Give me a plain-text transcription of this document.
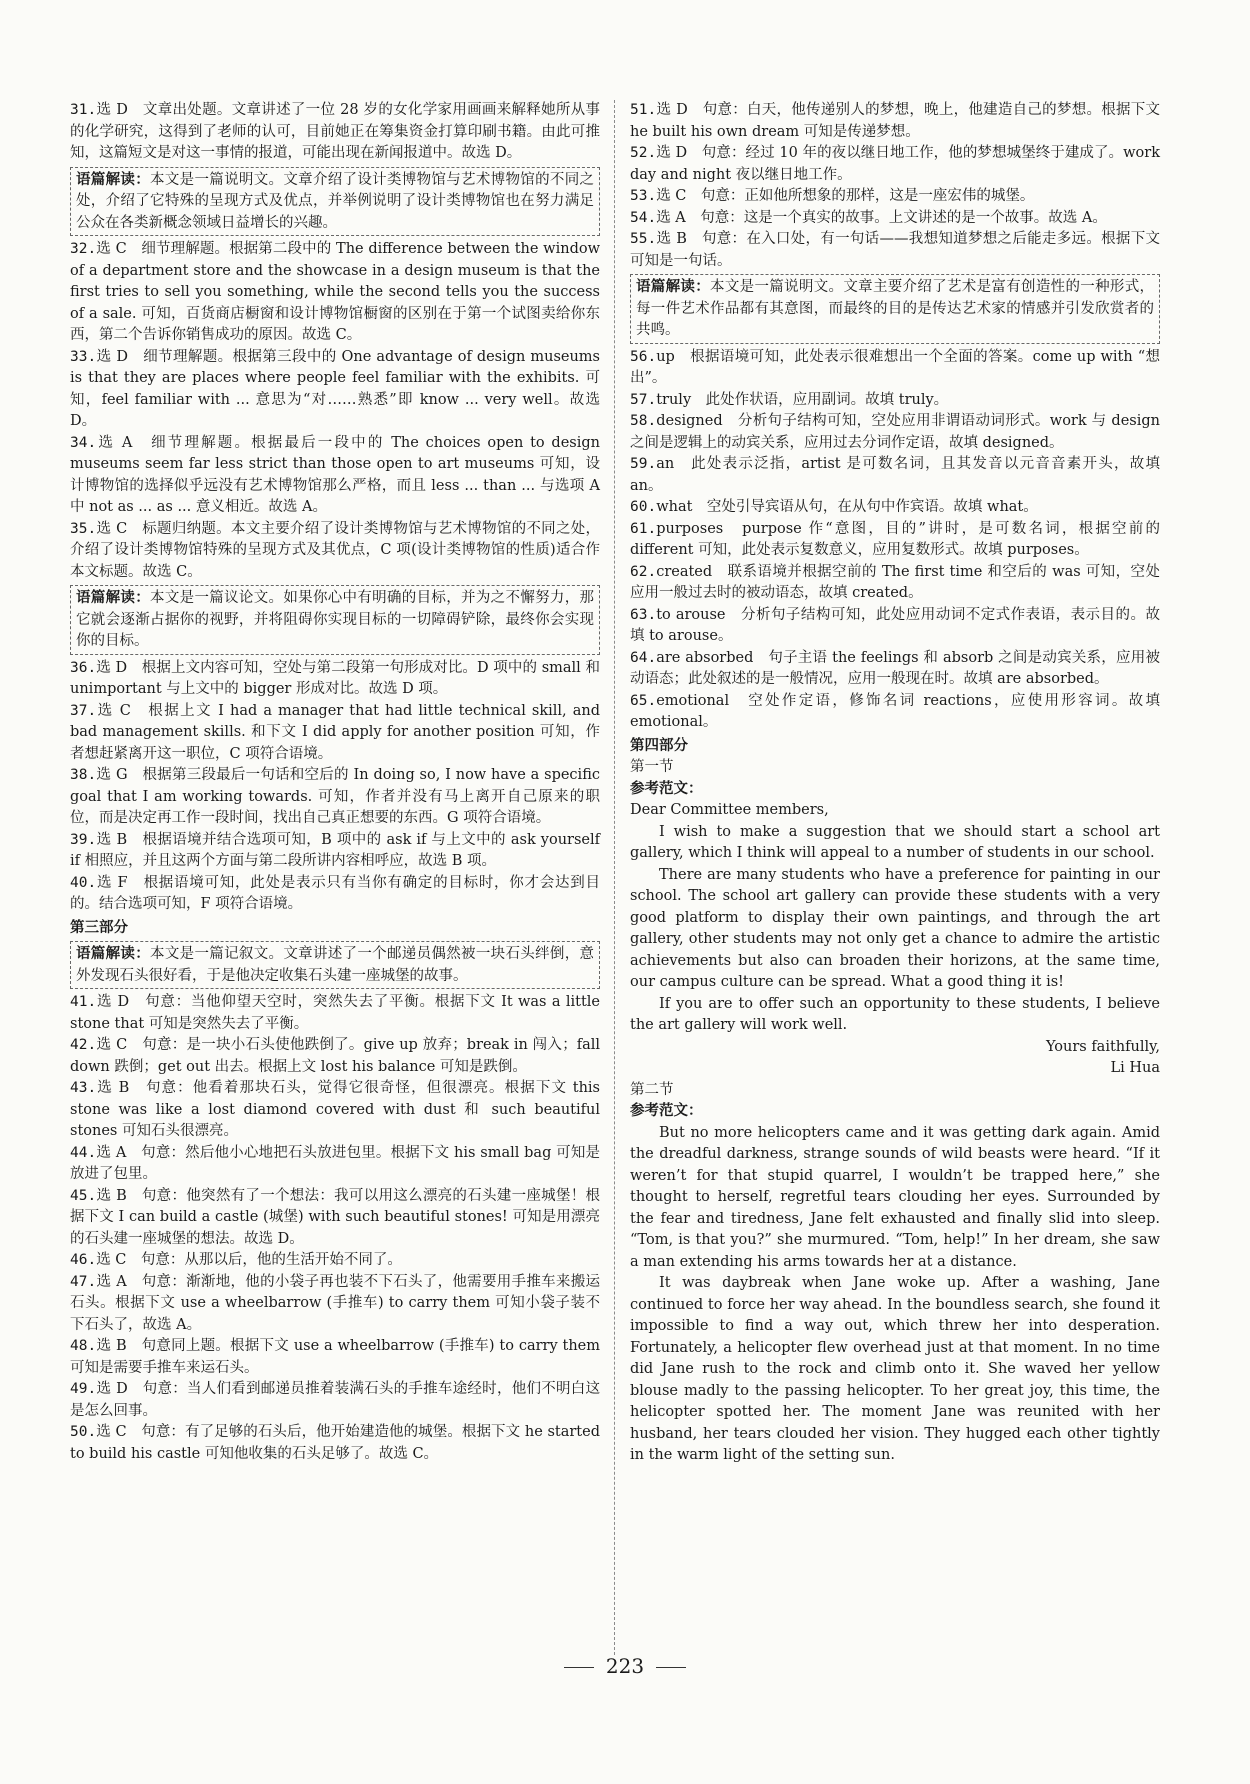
31.选 D　文章出处题。文章讲述了一位 28 岁的女化学家用画画来解释她所从事的化学研究，这得到了老师的认可，目前她正在筹集资金打算印刷书籍。由此可推知，这篇短文是对这一事情的报道，可能出现在新闻报道中。故选 D。

语篇解读：本文是一篇说明文。文章介绍了设计类博物馆与艺术博物馆的不同之处，介绍了它特殊的呈现方式及优点，并举例说明了设计类博物馆也在努力满足公众在各类新概念领域日益增长的兴趣。

32.选 C　细节理解题。根据第二段中的 The difference between the window of a department store and the showcase in a design museum is that the first tries to sell you something, while the second tells you the success of a sale. 可知，百货商店橱窗和设计博物馆橱窗的区别在于第一个试图卖给你东西，第二个告诉你销售成功的原因。故选 C。

33.选 D　细节理解题。根据第三段中的 One advantage of design museums is that they are places where people feel familiar with the exhibits. 可知，feel familiar with ... 意思为“对……熟悉”即 know ... very well。故选 D。

34.选 A　细节理解题。根据最后一段中的 The choices open to design museums seem far less strict than those open to art museums 可知，设计博物馆的选择似乎远没有艺术博物馆那么严格，而且 less ... than ... 与选项 A 中 not as ... as ... 意义相近。故选 A。

35.选 C　标题归纳题。本文主要介绍了设计类博物馆与艺术博物馆的不同之处，介绍了设计类博物馆特殊的呈现方式及其优点，C 项(设计类博物馆的性质)适合作本文标题。故选 C。

语篇解读：本文是一篇议论文。如果你心中有明确的目标，并为之不懈努力，那它就会逐渐占据你的视野，并将阻碍你实现目标的一切障碍铲除，最终你会实现你的目标。

36.选 D　根据上文内容可知，空处与第二段第一句形成对比。D 项中的 small 和 unimportant 与上文中的 bigger 形成对比。故选 D 项。

37.选 C　根据上文 I had a manager that had little technical skill, and bad management skills. 和下文 I did apply for another position 可知，作者想赶紧离开这一职位，C 项符合语境。

38.选 G　根据第三段最后一句话和空后的 In doing so, I now have a specific goal that I am working towards. 可知，作者并没有马上离开自己原来的职位，而是决定再工作一段时间，找出自己真正想要的东西。G 项符合语境。

39.选 B　根据语境并结合选项可知，B 项中的 ask if 与上文中的 ask yourself if 相照应，并且这两个方面与第二段所讲内容相呼应，故选 B 项。

40.选 F　根据语境可知，此处是表示只有当你有确定的目标时，你才会达到目的。结合选项可知，F 项符合语境。

第三部分

语篇解读：本文是一篇记叙文。文章讲述了一个邮递员偶然被一块石头绊倒，意外发现石头很好看，于是他决定收集石头建一座城堡的故事。

41.选 D　句意：当他仰望天空时，突然失去了平衡。根据下文 It was a little stone that 可知是突然失去了平衡。

42.选 C　句意：是一块小石头使他跌倒了。give up 放弃；break in 闯入；fall down 跌倒；get out 出去。根据上文 lost his balance 可知是跌倒。

43.选 B　句意：他看着那块石头，觉得它很奇怪，但很漂亮。根据下文 this stone was like a lost diamond covered with dust 和 such beautiful stones 可知石头很漂亮。

44.选 A　句意：然后他小心地把石头放进包里。根据下文 his small bag 可知是放进了包里。

45.选 B　句意：他突然有了一个想法：我可以用这么漂亮的石头建一座城堡！根据下文 I can build a castle (城堡) with such beautiful stones! 可知是用漂亮的石头建一座城堡的想法。故选 D。

46.选 C　句意：从那以后，他的生活开始不同了。

47.选 A　句意：渐渐地，他的小袋子再也装不下石头了，他需要用手推车来搬运石头。根据下文 use a wheelbarrow (手推车) to carry them 可知小袋子装不下石头了，故选 A。

48.选 B　句意同上题。根据下文 use a wheelbarrow (手推车) to carry them 可知是需要手推车来运石头。

49.选 D　句意：当人们看到邮递员推着装满石头的手推车途经时，他们不明白这是怎么回事。

50.选 C　句意：有了足够的石头后，他开始建造他的城堡。根据下文 he started to build his castle 可知他收集的石头足够了。故选 C。

51.选 D　句意：白天，他传递别人的梦想，晚上，他建造自己的梦想。根据下文 he built his own dream 可知是传递梦想。

52.选 D　句意：经过 10 年的夜以继日地工作，他的梦想城堡终于建成了。work day and night 夜以继日地工作。

53.选 C　句意：正如他所想象的那样，这是一座宏伟的城堡。

54.选 A　句意：这是一个真实的故事。上文讲述的是一个故事。故选 A。

55.选 B　句意：在入口处，有一句话——我想知道梦想之后能走多远。根据下文可知是一句话。

语篇解读：本文是一篇说明文。文章主要介绍了艺术是富有创造性的一种形式，每一件艺术作品都有其意图，而最终的目的是传达艺术家的情感并引发欣赏者的共鸣。

56.up　根据语境可知，此处表示很难想出一个全面的答案。come up with “想出”。

57.truly　此处作状语，应用副词。故填 truly。

58.designed　分析句子结构可知，空处应用非谓语动词形式。work 与 design 之间是逻辑上的动宾关系，应用过去分词作定语，故填 designed。

59.an　此处表示泛指，artist 是可数名词，且其发音以元音音素开头，故填 an。

60.what　空处引导宾语从句，在从句中作宾语。故填 what。

61.purposes　purpose 作“意图，目的”讲时，是可数名词，根据空前的 different 可知，此处表示复数意义，应用复数形式。故填 purposes。

62.created　联系语境并根据空前的 The first time 和空后的 was 可知，空处应用一般过去时的被动语态，故填 created。

63.to arouse　分析句子结构可知，此处应用动词不定式作表语，表示目的。故填 to arouse。

64.are absorbed　句子主语 the feelings 和 absorb 之间是动宾关系，应用被动语态；此处叙述的是一般情况，应用一般现在时。故填 are absorbed。

65.emotional　空处作定语，修饰名词 reactions，应使用形容词。故填 emotional。

第四部分

第一节

参考范文：

Dear Committee members,

I wish to make a suggestion that we should start a school art gallery, which I think will appeal to a number of students in our school.

There are many students who have a preference for painting in our school. The school art gallery can provide these students with a very good platform to display their own paintings, and through the art gallery, other students may not only get a chance to admire the artistic achievements but also can broaden their horizons, at the same time, our campus culture can be spread. What a good thing it is!

If you are to offer such an opportunity to these students, I believe the art gallery will work well.

Yours faithfully,

Li Hua

第二节

参考范文：

But no more helicopters came and it was getting dark again. Amid the dreadful darkness, strange sounds of wild beasts were heard. “If it weren’t for that stupid quarrel, I wouldn’t be trapped here,” she thought to herself, regretful tears clouding her eyes. Surrounded by the fear and tiredness, Jane felt exhausted and finally slid into sleep. “Tom, is that you?” she murmured. “Tom, help!” In her dream, she saw a man extending his arms towards her at a distance.

It was daybreak when Jane woke up. After a washing, Jane continued to force her way ahead. In the boundless search, she found it impossible to find a way out, which threw her into desperation. Fortunately, a helicopter flew overhead just at that moment. In no time did Jane rush to the rock and climb onto it. She waved her yellow blouse madly to the passing helicopter. To her great joy, this time, the helicopter spotted her. The moment Jane was reunited with her husband, her tears clouded her vision. They hugged each other tightly in the warm light of the setting sun.

223
